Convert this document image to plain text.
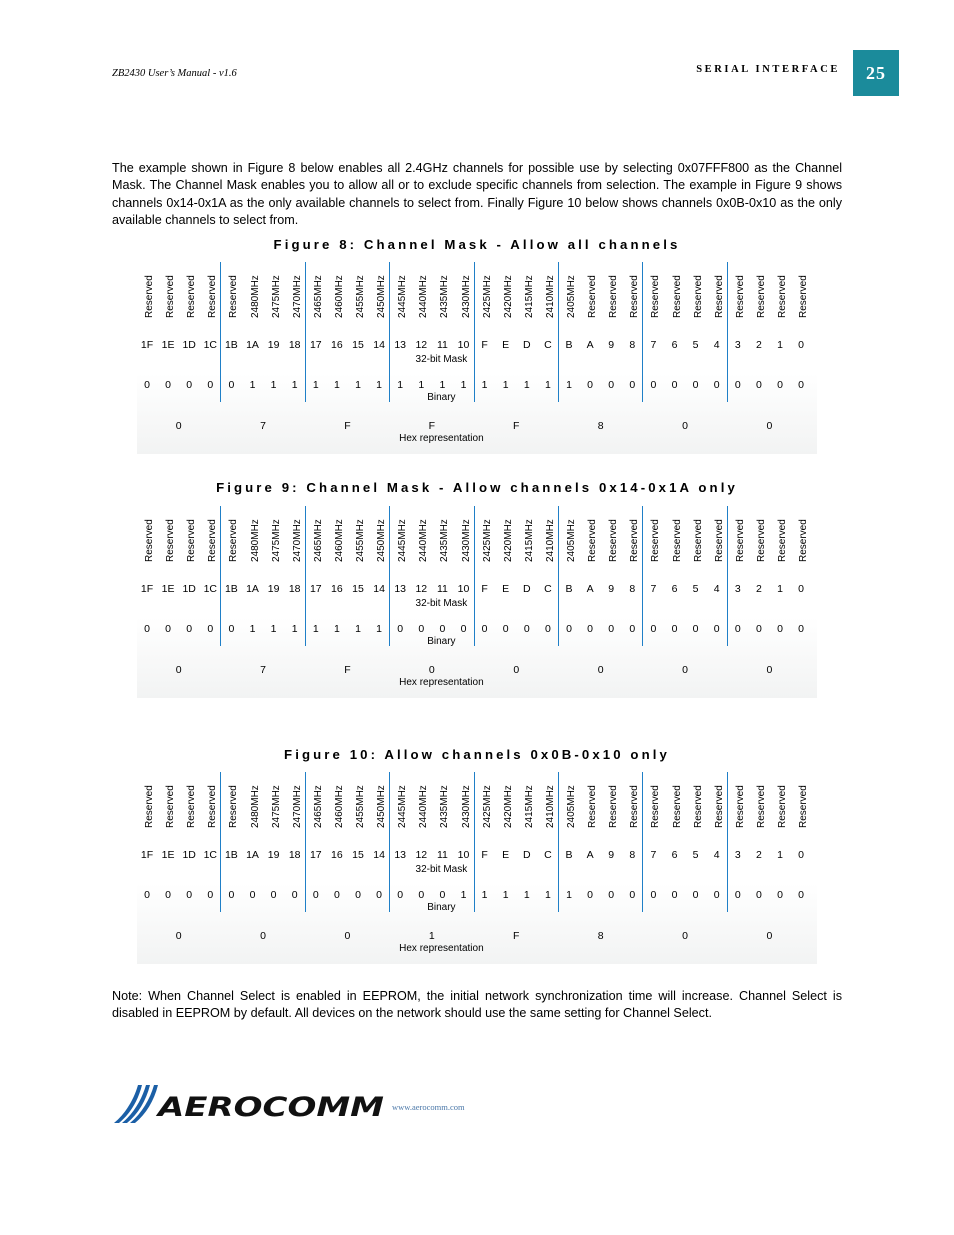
ZB2430 User’s Manual - v1.6	SERIAL INTERFACE 25
The example shown in Figure 8 below enables all 2.4GHz channels for possible use by selecting 0x07FFF800 as the Channel Mask. The Channel Mask enables you to allow all or to exclude specific channels from selection. The example in Figure 9 shows channels 0x14-0x1A as the only available channels to select from. Finally Figure 10 below shows channels 0x0B-0x10 as the only available channels to select from.
Figure 8: Channel Mask - Allow all channels
Reserved Reserved Reserved Reserved Reserved 2480MHz 2475MHz 2470MHz 2465MHz 2460MHz 2455MHz 2450MHz 2445MHz 2440MHz 2435MHz 2430MHz 2425MHz 2420MHz 2415MHz 2410MHz 2405MHz Reserved Reserved Reserved Reserved Reserved Reserved Reserved Reserved Reserved Reserved Reserved
1F 1E 1D 1C 1B 1A 19 18 17 16 15 14 13 12 11 10	F	E	D	C	B	A	9	8	7	6	5	4	3	2	1	0
0	0	0	0	0	1	1	1	1	1	1	1	1	1	1	1	1	1	1	1	1	0	0	0	0	0	0	0	0	0	0	0
0	7	F	F	F	8	0	0
32-bit Mask
Binary
Hex representation
Figure 9: Channel Mask - Allow channels 0x14-0x1A only
Reserved Reserved Reserved Reserved Reserved 2480MHz 2475MHz 2470MHz 2465MHz 2460MHz 2455MHz 2450MHz 2445MHz 2440MHz 2435MHz 2430MHz 2425MHz 2420MHz 2415MHz 2410MHz 2405MHz Reserved Reserved Reserved Reserved Reserved Reserved Reserved Reserved Reserved Reserved Reserved
1F 1E 1D 1C 1B 1A 19 18 17 16 15 14 13 12 11 10	F	E	D	C	B	A	9	8	7	6	5	4	3	2	1	0
0	0	0	0	0	1	1	1	1	1	1	1	0	0	0	0	0	0	0	0	0	0	0	0	0	0	0	0	0	0	0	0
0	7	F	0	0	0	0	0
32-bit Mask
Binary
Hex representation
Figure 10: Allow channels 0x0B-0x10 only
Reserved Reserved Reserved Reserved Reserved 2480MHz 2475MHz 2470MHz 2465MHz 2460MHz 2455MHz 2450MHz 2445MHz 2440MHz 2435MHz 2430MHz 2425MHz 2420MHz 2415MHz 2410MHz 2405MHz Reserved Reserved Reserved Reserved Reserved Reserved Reserved Reserved Reserved Reserved Reserved
1F 1E 1D 1C 1B 1A 19 18 17 16 15 14 13 12 11 10	F	E	D	C	B	A	9	8	7	6	5	4	3	2	1	0
0	0	0	0	0	0	0	0	0	0	0	0	0	0	0	1	1	1	1	1	1	0	0	0	0	0	0	0	0	0	0	0
0	0	0	1	F	8	0	0
32-bit Mask
Binary
Hex representation
Note: When Channel Select is enabled in EEPROM, the initial network synchronization time will increase. Channel Select is disabled in EEPROM by default. All devices on the network should use the same setting for Channel Select.
AEROCOMM www.aerocomm.com
